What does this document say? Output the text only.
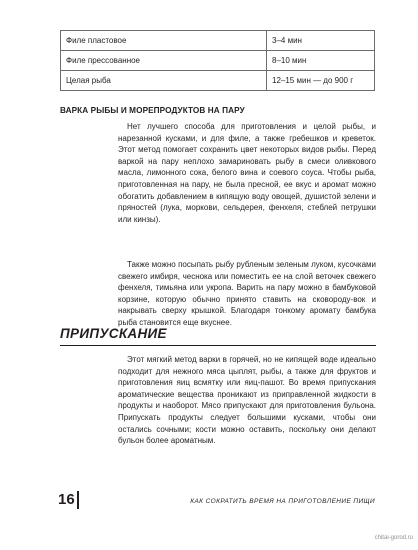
Филе пластовое	3–4 мин
Филе прессованное	8–10 мин
Целая рыба	12–15 мин — до 900 г
ВАРКА РЫБЫ И МОРЕПРОДУКТОВ НА ПАРУ

Нет лучшего способа для приготовления и целой рыбы, и нарезанной кусками, и для филе, а также гребешков и креветок. Этот метод помогает сохранить цвет некоторых видов рыбы. Перед варкой на пару неплохо замариновать рыбу в смеси оливкового масла, лимонного сока, белого вина и соевого соуса. Чтобы рыба, приготовленная на пару, не была пресной, ее вкус и аромат можно обогатить добавлением в кипящую воду овощей, душистой зелени и пряностей (лука, моркови, сельдерея, фенхеля, стеблей петрушки или кинзы).

Также можно посыпать рыбу рубленым зеленым луком, кусочками свежего имбиря, чеснока или поместить ее на слой веточек свежего фенхеля, тимьяна или укропа. Варить на пару можно в бамбуковой корзине, которую обычно принято ставить на сковороду-вок и накрывать сверху крышкой. Благодаря тонкому аромату бамбука рыба становится еще вкуснее.

ПРИПУСКАНИЕ

Этот мягкий метод варки в горячей, но не кипящей воде идеально подходит для нежного мяса цыплят, рыбы, а также для фруктов и приготовления яиц всмятку или яиц-пашот. Во время припускания ароматические вещества проникают из приправленной жидкости в продукты и наоборот. Мясо припускают для приготовления бульона. Припускать продукты следует большими кусками, чтобы они остались сочными; кости можно оставить, поскольку они делают бульон более ароматным.

16	КАК СОКРАТИТЬ ВРЕМЯ НА ПРИГОТОВЛЕНИЕ ПИЩИ
chitai-gorod.ru
